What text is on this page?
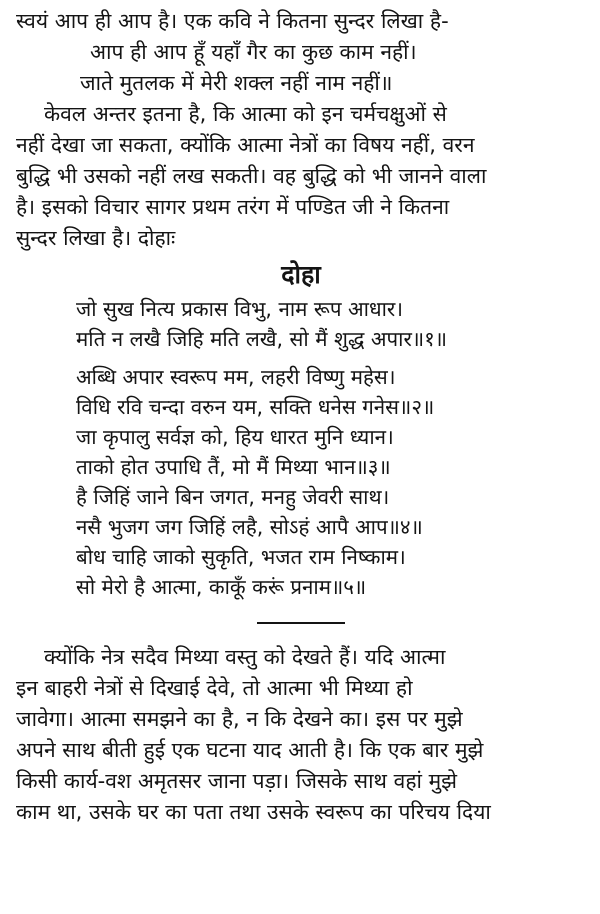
स्वयं आप ही आप है। एक कवि ने कितना सुन्दर लिखा है-
आप ही आप हूँ यहाँ गैर का कुछ काम नहीं।
जाते मुतलक में मेरी शक्ल नहीं नाम नहीं॥
केवल अन्तर इतना है, कि आत्मा को इन चर्मचक्षुओं से
नहीं देखा जा सकता, क्योंकि आत्मा नेत्रों का विषय नहीं, वरन
बुद्धि भी उसको नहीं लख सकती। वह बुद्धि को भी जानने वाला
है। इसको विचार सागर प्रथम तरंग में पण्डित जी ने कितना
सुन्दर लिखा है। दोहाः
दोहा
जो सुख नित्य प्रकास विभु, नाम रूप आधार।
मति न लखै जिहि मति लखै, सो मैं शुद्ध अपार॥१॥
अब्धि अपार स्वरूप मम, लहरी विष्णु महेस।
विधि रवि चन्दा वरुन यम, सक्ति धनेस गनेस॥२॥
जा कृपालु सर्वज्ञ को, हिय धारत मुनि ध्यान।
ताको होत उपाधि तैं, मो मैं मिथ्या भान॥३॥
है जिहिं जाने बिन जगत, मनहु जेवरी साथ।
नसै भुजग जग जिहिं लहै, सोऽहं आपै आप॥४॥
बोध चाहि जाको सुकृति, भजत राम निष्काम।
सो मेरो है आत्मा, काकूँ करूं प्रनाम॥५॥
क्योंकि नेत्र सदैव मिथ्या वस्तु को देखते हैं। यदि आत्मा
इन बाहरी नेत्रों से दिखाई देवे, तो आत्मा भी मिथ्या हो
जावेगा। आत्मा समझने का है, न कि देखने का। इस पर मुझे
अपने साथ बीती हुई एक घटना याद आती है। कि एक बार मुझे
किसी कार्य-वश अमृतसर जाना पड़ा। जिसके साथ वहां मुझे
काम था, उसके घर का पता तथा उसके स्वरूप का परिचय दिया
